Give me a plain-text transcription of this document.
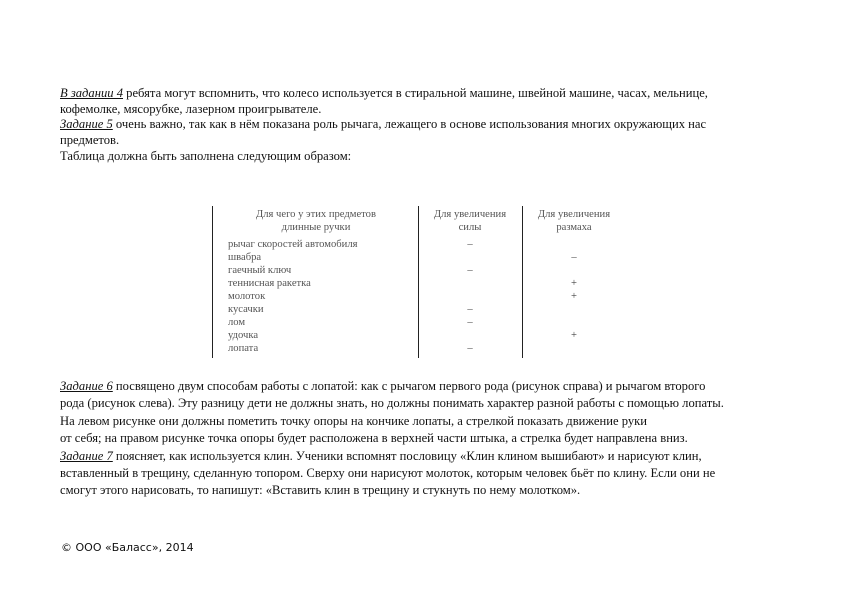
В задании 4 ребята могут вспомнить, что колесо используется в стиральной машине, швейной машине, часах, мельнице,
кофемолке, мясорубке, лазерном проигрывателе.
Задание 5 очень важно, так как в нём показана роль рычага, лежащего в основе использования многих окружающих нас
предметов.
Таблица должна быть заполнена следующим образом:
Для чего у этих предметов
длинные ручки
Для увеличения
силы
Для увеличения
размаха
рычаг скоростей автомобиля
швабра
гаечный ключ
теннисная ракетка
молоток
кусачки
лом
удочка
лопата
–
–
–
+
+
–
–
+
–
Задание 6 посвящено двум способам работы с лопатой: как с рычагом первого рода (рисунок справа) и рычагом второго
рода (рисунок слева). Эту разницу дети не должны знать, но должны понимать характер разной работы с помощью лопаты.
На левом рисунке они должны пометить точку опоры на кончике лопаты, а стрелкой показать движение руки
от себя; на правом рисунке точка опоры будет расположена в верхней части штыка, а стрелка будет направлена вниз.
Задание 7 поясняет, как используется клин. Ученики вспомнят пословицу «Клин клином вышибают» и нарисуют клин,
вставленный в трещину, сделанную топором. Сверху они нарисуют молоток, которым человек бьёт по клину. Если они не
смогут этого нарисовать, то напишут: «Вставить клин в трещину и стукнуть по нему молотком».
© ООО «Баласс», 2014
